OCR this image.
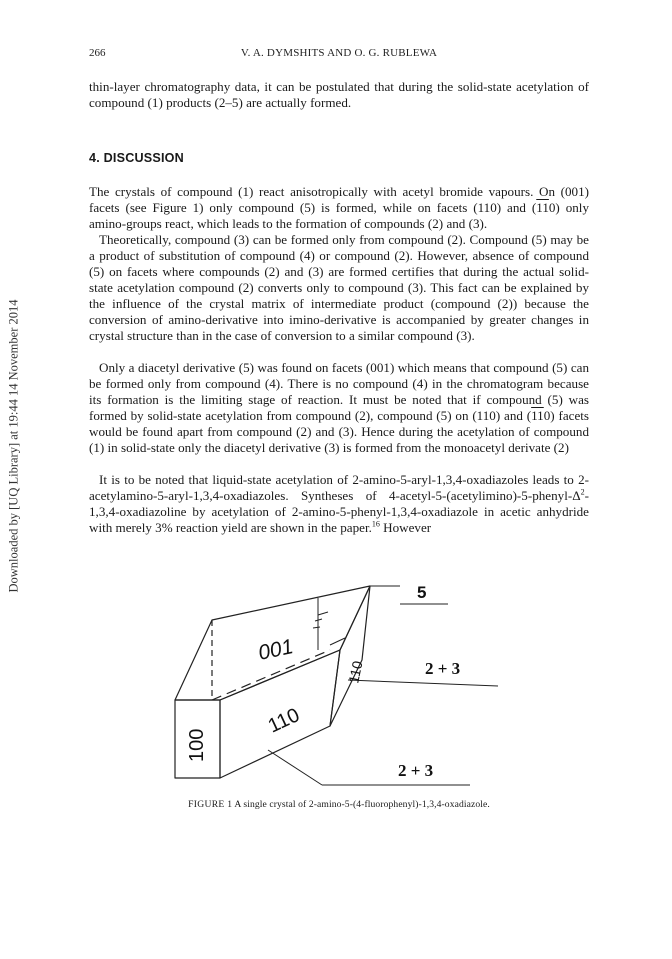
Downloaded by [UQ Library] at 19:44 14 November 2014
266	V. A. DYMSHITS AND O. G. RUBLEWA

thin-layer chromatography data, it can be postulated that during the solid-state acetylation of compound (1) products (2–5) are actually formed.

4. DISCUSSION

The crystals of compound (1) react anisotropically with acetyl bromide vapours. On (001) facets (see Figure 1) only compound (5) is formed, while on facets (110) and (110) only amino-groups react, which leads to the formation of compounds (2) and (3).

Theoretically, compound (3) can be formed only from compound (2). Compound (5) may be a product of substitution of compound (4) or compound (2). However, absence of compound (5) on facets where compounds (2) and (3) are formed certifies that during the actual solid-state acetylation compound (2) converts only to compound (3). This fact can be explained by the influence of the crystal matrix of intermediate product (compound (2)) because the conversion of amino-derivative into imino-derivative is accompanied by greater changes in crystal structure than in the case of conversion to a similar compound (3).

Only a diacetyl derivative (5) was found on facets (001) which means that compound (5) can be formed only from compound (4). There is no compound (4) in the chromatogram because its formation is the limiting stage of reaction. It must be noted that if compound (5) was formed by solid-state acetylation from compound (2), compound (5) on (110) and (110) facets would be found apart from compound (2) and (3). Hence during the acetylation of compound (1) in solid-state only the diacetyl derivative (3) is formed from the monoacetyl derivate (2)

It is to be noted that liquid-state acetylation of 2-amino-5-aryl-1,3,4-oxadiazoles leads to 2-acetylamino-5-aryl-1,3,4-oxadiazoles. Syntheses of $4-acetyl-5-(acetylimino)-5-phenyl-\Delta^2-1,3,4$-oxadiazoline by acetylation of 2-amino-5-phenyl-1,3,4-oxadiazole in acetic anhydride with merely 3% reaction yield are shown in the paper.$^{16}$ However

001
110
100
110
5
2 + 3
2 + 3
FIGURE 1 A single crystal of 2-amino-5-(4-fluorophenyl)-1,3,4-oxadiazole.
